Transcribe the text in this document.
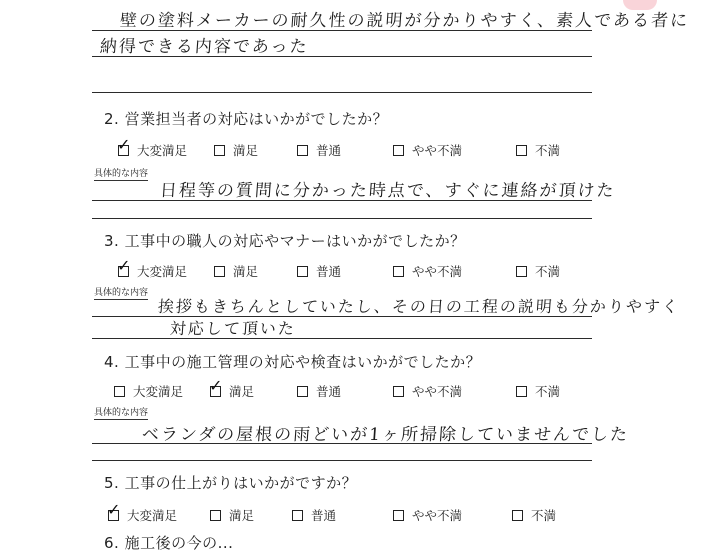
壁の塗料メーカーの耐久性の説明が分かりやすく、素人である者に
納得できる内容であった
2. 営業担当者の対応はいかがでしたか？
✓ 大変満足	満足	普通	やや不満	不満
具体的な内容
日程等の質問に分かった時点で、すぐに連絡が頂けた
3. 工事中の職人の対応やマナーはいかがでしたか？
✓ 大変満足	満足	普通	やや不満	不満
具体的な内容
挨拶もきちんとしていたし、その日の工程の説明も分かりやすく
対応して頂いた
4. 工事中の施工管理の対応や検査はいかがでしたか？
大変満足 ✓ 満足	普通	やや不満	不満
具体的な内容
ベランダの屋根の雨どいが1ヶ所掃除していませんでした
5. 工事の仕上がりはいかがですか？
✓ 大変満足	満足	普通	やや不満	不満
6. 施工後の今の...
